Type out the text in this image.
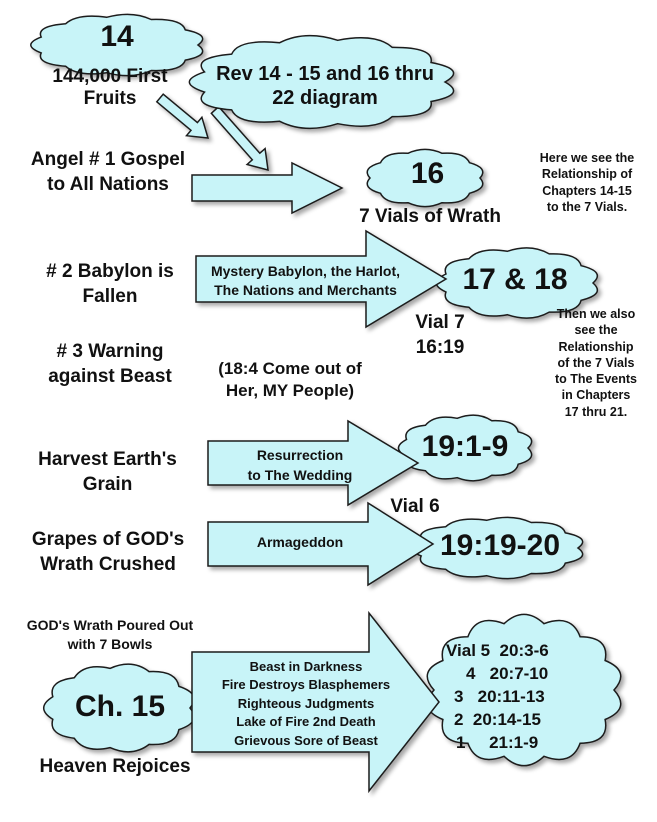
14
144,000 First
Fruits
Rev 14 - 15 and 16 thru
22 diagram
Angel # 1 Gospel
to All Nations	16
7 Vials of Wrath
Here we see the
Relationship of
Chapters 14-15
to the 7 Vials.
# 2 Babylon is
Fallen
Mystery Babylon, the Harlot,
The Nations and Merchants	17 & 18
Vial 7
16:19
Then we also
see the
Relationship
of the 7 Vials
to The Events
in Chapters
17 thru 21.
# 3 Warning
against Beast	(18:4 Come out of
Her, MY People)
Harvest Earth's
Grain
Resurrection
to The Wedding
19:1-9
Vial 6
Grapes of GOD's
Wrath Crushed
Armageddon	19:19-20
GOD's Wrath Poured Out
with 7 Bowls
Ch. 15
Heaven Rejoices
Beast in Darkness
Fire Destroys Blasphemers
Righteous Judgments
Lake of Fire 2nd Death
Grievous Sore of Beast
Vial 5  20:3-6
4   20:7-10
3   20:11-13
2  20:14-15
1     21:1-9
